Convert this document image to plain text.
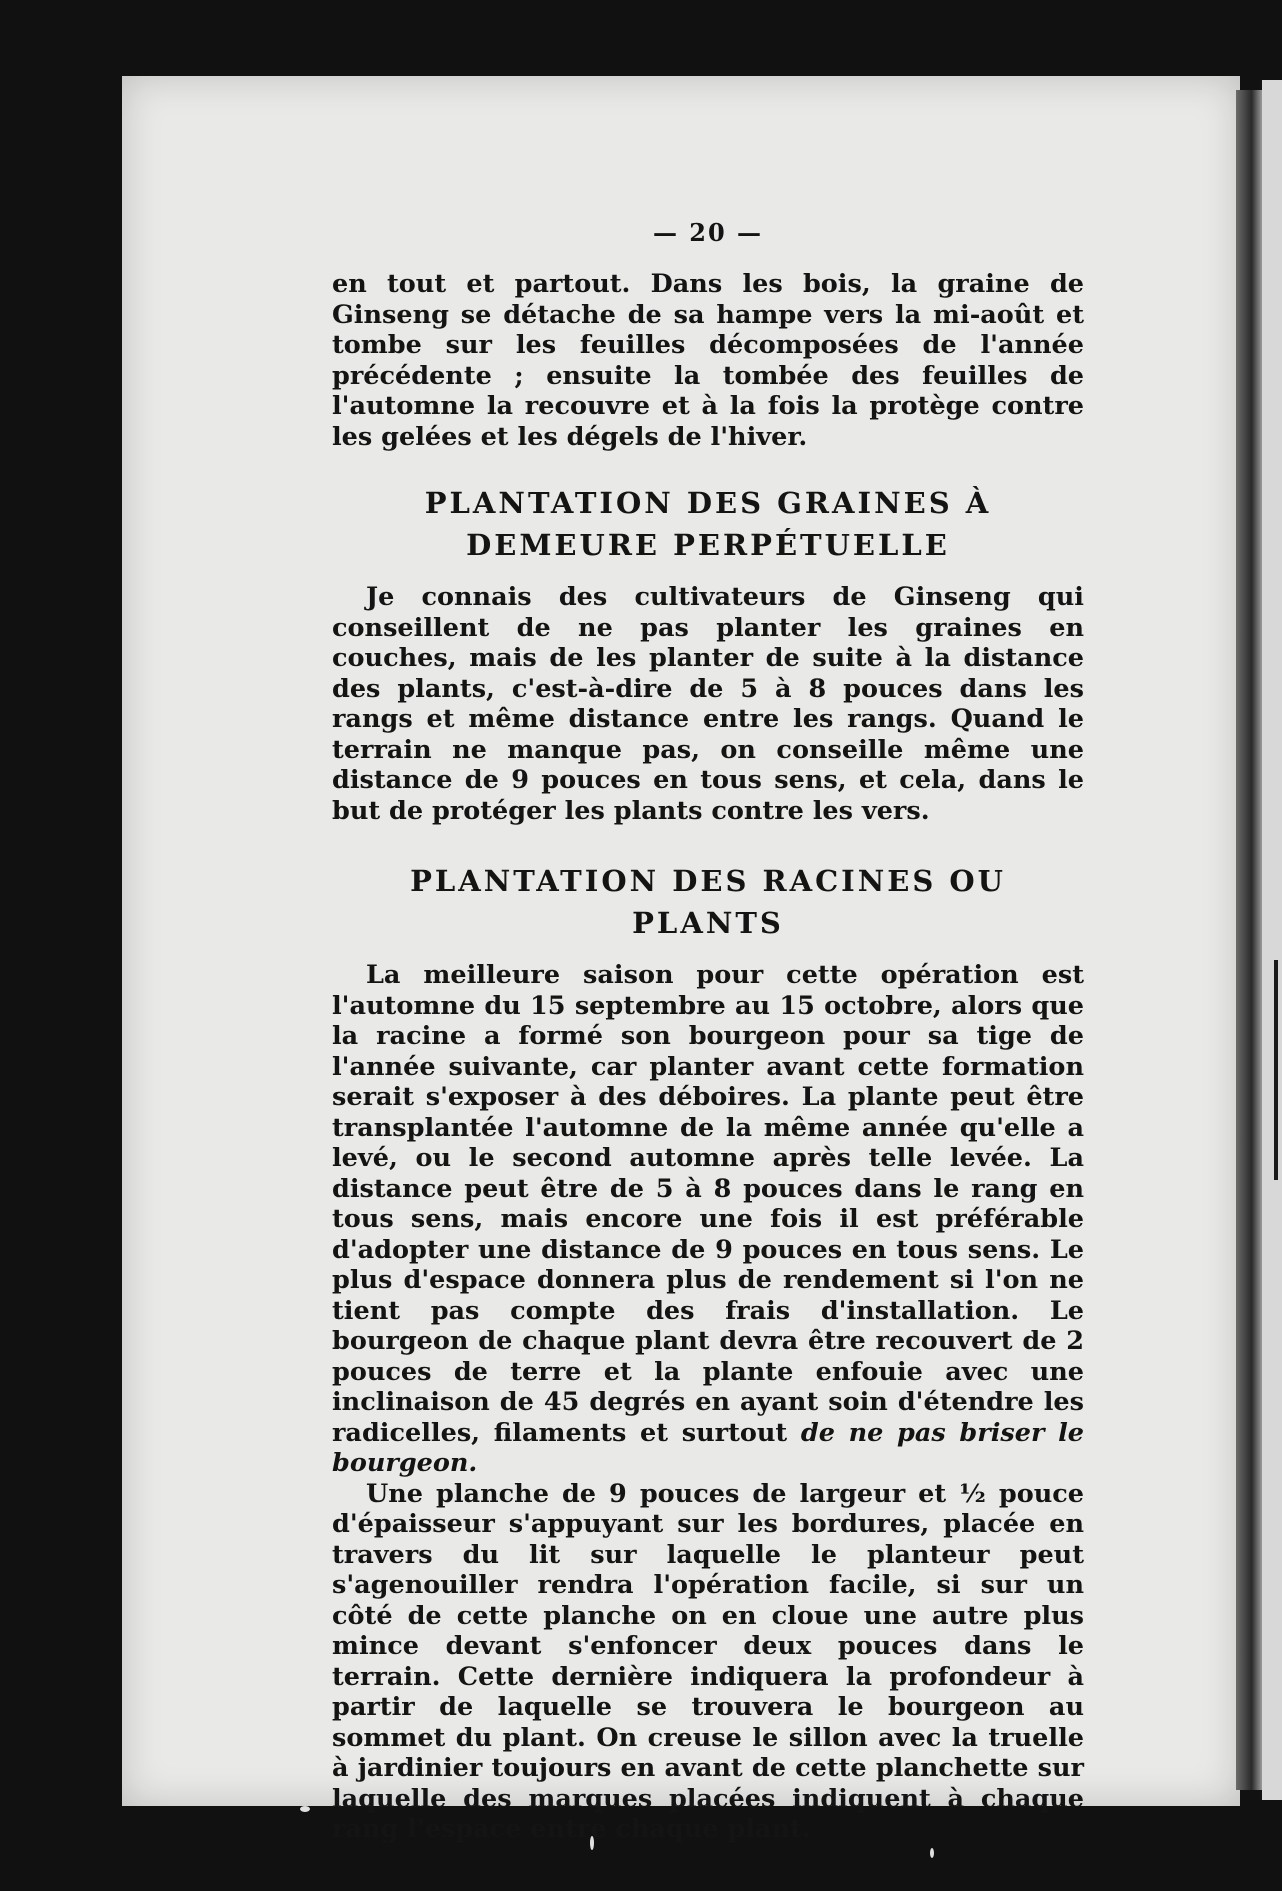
— 20 —

en tout et partout. Dans les bois, la graine de Ginseng se détache de sa hampe vers la mi-août et tombe sur les feuilles décomposées de l'année précédente ; ensuite la tombée des feuilles de l'automne la recouvre et à la fois la protège contre les gelées et les dégels de l'hiver.

PLANTATION DES GRAINES À DEMEURE PERPÉTUELLE

Je connais des cultivateurs de Ginseng qui conseillent de ne pas planter les graines en couches, mais de les planter de suite à la distance des plants, c'est-à-dire de 5 à 8 pouces dans les rangs et même distance entre les rangs. Quand le terrain ne manque pas, on conseille même une distance de 9 pouces en tous sens, et cela, dans le but de protéger les plants contre les vers.

PLANTATION DES RACINES OU PLANTS

La meilleure saison pour cette opération est l'automne du 15 septembre au 15 octobre, alors que la racine a formé son bourgeon pour sa tige de l'année suivante, car planter avant cette formation serait s'exposer à des déboires. La plante peut être transplantée l'automne de la même année qu'elle a levé, ou le second automne après telle levée. La distance peut être de 5 à 8 pouces dans le rang en tous sens, mais encore une fois il est préférable d'adopter une distance de 9 pouces en tous sens. Le plus d'espace donnera plus de rendement si l'on ne tient pas compte des frais d'installation. Le bourgeon de chaque plant devra être recouvert de 2 pouces de terre et la plante enfouie avec une inclinaison de 45 degrés en ayant soin d'étendre les radicelles, filaments et surtout de ne pas briser le bourgeon.

Une planche de 9 pouces de largeur et ½ pouce d'épaisseur s'appuyant sur les bordures, placée en travers du lit sur laquelle le planteur peut s'agenouiller rendra l'opération facile, si sur un côté de cette planche on en cloue une autre plus mince devant s'enfoncer deux pouces dans le terrain. Cette dernière indiquera la profondeur à partir de laquelle se trouvera le bourgeon au sommet du plant. On creuse le sillon avec la truelle à jardinier toujours en avant de cette planchette sur laquelle des marques placées indiquent à chaque rang l'espace entre chaque plant.
